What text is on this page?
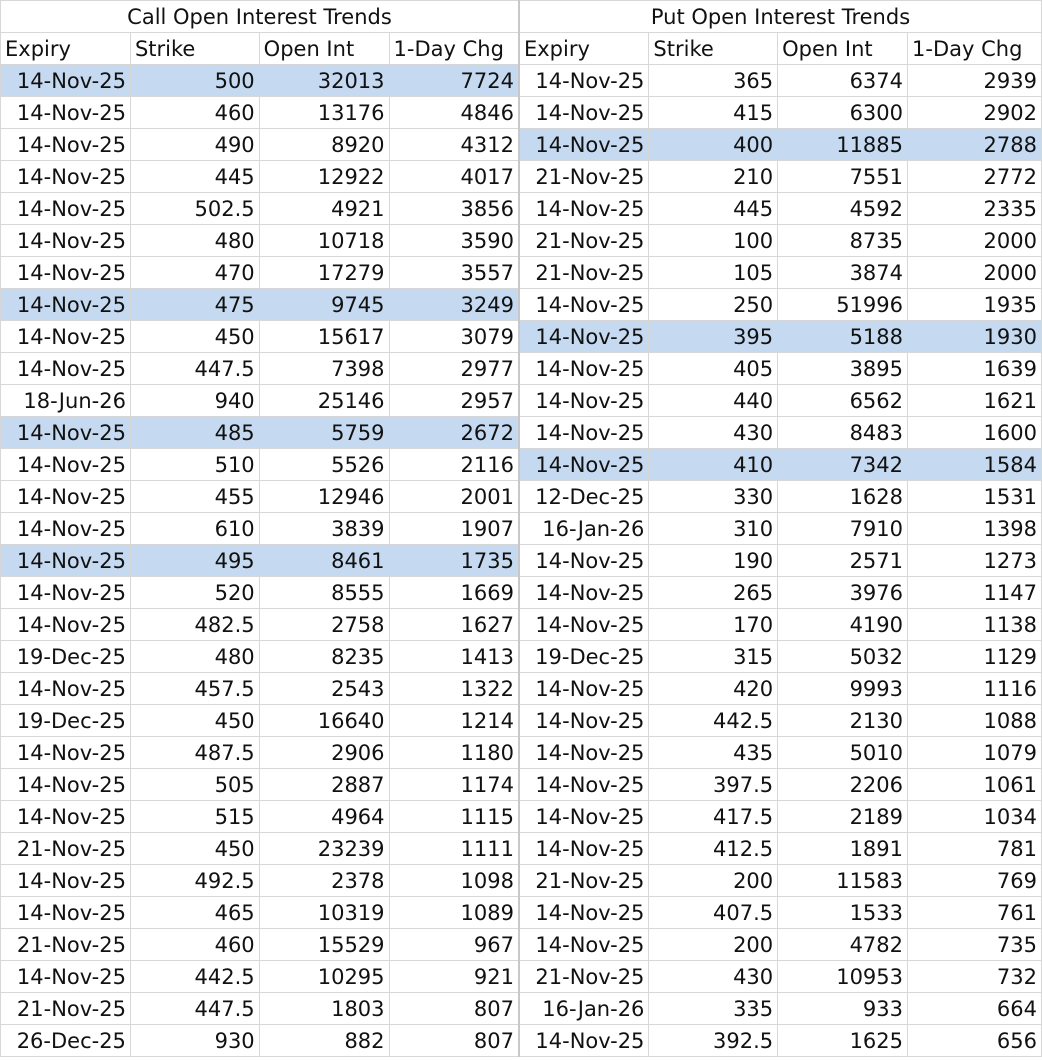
Call Open Interest Trends				Put Open Interest Trends			
Expiry	Strike	Open Int	1-Day Chg	Expiry	Strike	Open Int	1-Day Chg
14-Nov-25	500	32013	7724	14-Nov-25	365	6374	2939
14-Nov-25	460	13176	4846	14-Nov-25	415	6300	2902
14-Nov-25	490	8920	4312	14-Nov-25	400	11885	2788
14-Nov-25	445	12922	4017	21-Nov-25	210	7551	2772
14-Nov-25	502.5	4921	3856	14-Nov-25	445	4592	2335
14-Nov-25	480	10718	3590	21-Nov-25	100	8735	2000
14-Nov-25	470	17279	3557	21-Nov-25	105	3874	2000
14-Nov-25	475	9745	3249	14-Nov-25	250	51996	1935
14-Nov-25	450	15617	3079	14-Nov-25	395	5188	1930
14-Nov-25	447.5	7398	2977	14-Nov-25	405	3895	1639
18-Jun-26	940	25146	2957	14-Nov-25	440	6562	1621
14-Nov-25	485	5759	2672	14-Nov-25	430	8483	1600
14-Nov-25	510	5526	2116	14-Nov-25	410	7342	1584
14-Nov-25	455	12946	2001	12-Dec-25	330	1628	1531
14-Nov-25	610	3839	1907	16-Jan-26	310	7910	1398
14-Nov-25	495	8461	1735	14-Nov-25	190	2571	1273
14-Nov-25	520	8555	1669	14-Nov-25	265	3976	1147
14-Nov-25	482.5	2758	1627	14-Nov-25	170	4190	1138
19-Dec-25	480	8235	1413	19-Dec-25	315	5032	1129
14-Nov-25	457.5	2543	1322	14-Nov-25	420	9993	1116
19-Dec-25	450	16640	1214	14-Nov-25	442.5	2130	1088
14-Nov-25	487.5	2906	1180	14-Nov-25	435	5010	1079
14-Nov-25	505	2887	1174	14-Nov-25	397.5	2206	1061
14-Nov-25	515	4964	1115	14-Nov-25	417.5	2189	1034
21-Nov-25	450	23239	1111	14-Nov-25	412.5	1891	781
14-Nov-25	492.5	2378	1098	21-Nov-25	200	11583	769
14-Nov-25	465	10319	1089	14-Nov-25	407.5	1533	761
21-Nov-25	460	15529	967	14-Nov-25	200	4782	735
14-Nov-25	442.5	10295	921	21-Nov-25	430	10953	732
21-Nov-25	447.5	1803	807	16-Jan-26	335	933	664
26-Dec-25	930	882	807	14-Nov-25	392.5	1625	656
